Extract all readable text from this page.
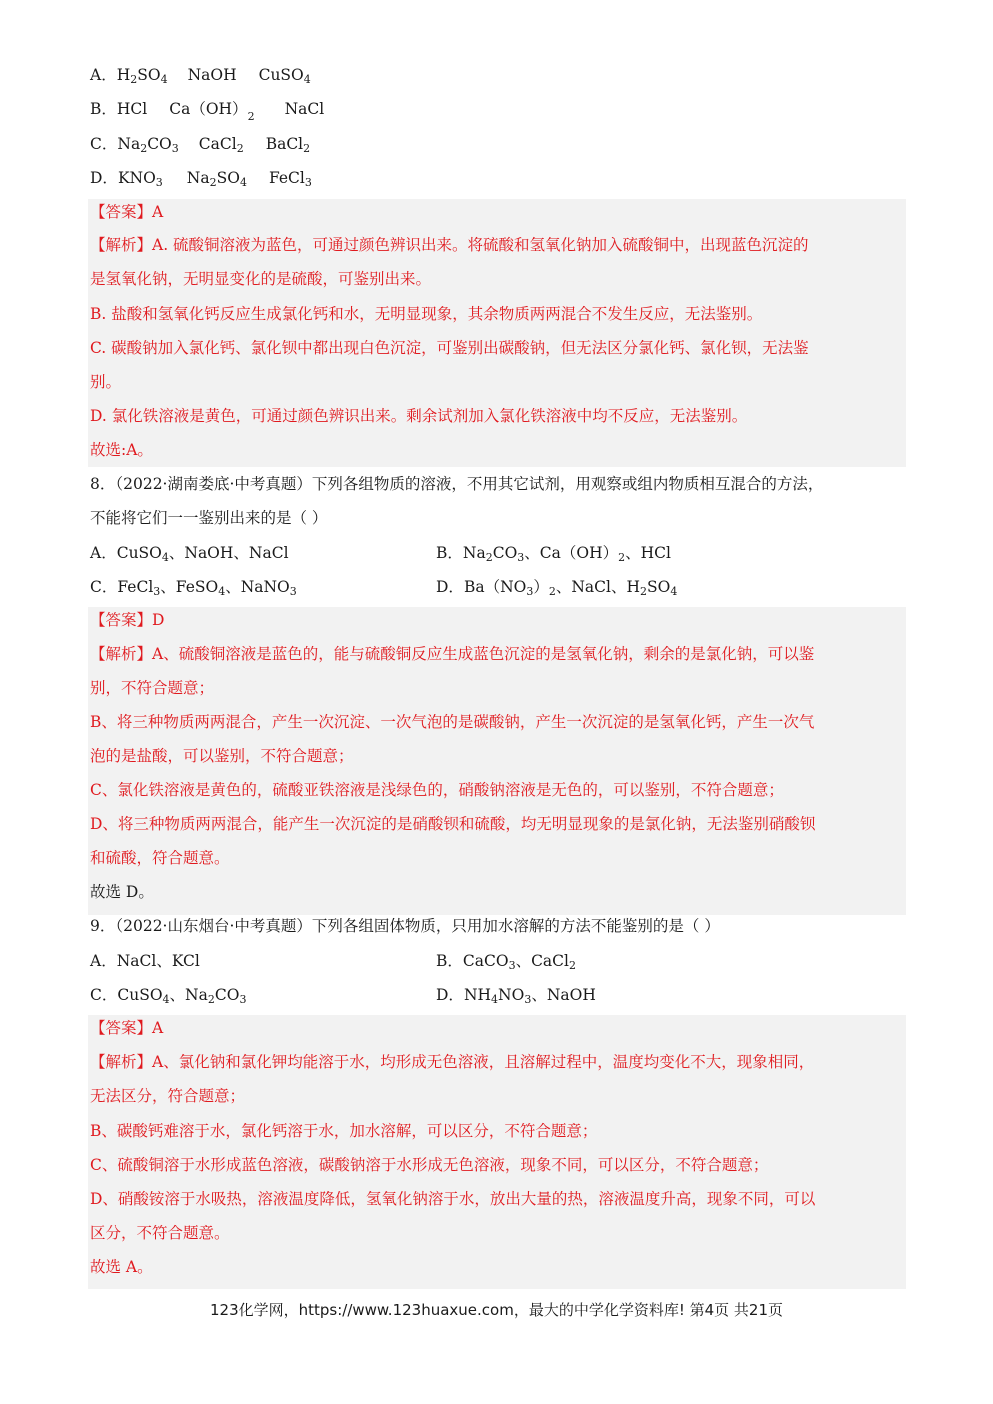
A．$H_2SO_4$ NaOH CuSO$_4$
B．HCl $Ca(OH)_2$ NaCl
C．$Na_2CO_3$ CaCl$_2$ BaCl$_2$
D．$KNO_3$ $Na_2SO_4$ FeCl$_3$
【答案】A
【解析】A. 硫酸铜溶液为蓝色，可通过颜色辨识出来。将硫酸和氢氧化钠加入硫酸铜中，出现蓝色沉淀的
是氢氧化钠，无明显变化的是硫酸，可鉴别出来。
B. 盐酸和氢氧化钙反应生成氯化钙和水，无明显现象，其余物质两两混合不发生反应，无法鉴别。
C. 碳酸钠加入氯化钙、氯化钡中都出现白色沉淀，可鉴别出碳酸钠，但无法区分氯化钙、氯化钡，无法鉴
别。
D. 氯化铁溶液是黄色，可通过颜色辨识出来。剩余试剂加入氯化铁溶液中均不反应，无法鉴别。
故选:A。
8．（2022·湖南娄底·中考真题）下列各组物质的溶液，不用其它试剂，用观察或组内物质相互混合的方法，
不能将它们一一鉴别出来的是（ ）
A．CuSO$_4$、NaOH、NaCl	B．$Na_2CO_3$、$Ca(OH)_2$、HCl
C．FeCl$_3$、FeSO$_4$、NaNO$_3$	D．$Ba(NO_3)_2$、NaCl、$H_2SO_4$
【答案】D
【解析】A、硫酸铜溶液是蓝色的，能与硫酸铜反应生成蓝色沉淀的是氢氧化钠，剩余的是氯化钠，可以鉴
别，不符合题意；
B、将三种物质两两混合，产生一次沉淀、一次气泡的是碳酸钠，产生一次沉淀的是氢氧化钙，产生一次气
泡的是盐酸，可以鉴别，不符合题意；
C、氯化铁溶液是黄色的，硫酸亚铁溶液是浅绿色的，硝酸钠溶液是无色的，可以鉴别，不符合题意；
D、将三种物质两两混合，能产生一次沉淀的是硝酸钡和硫酸，均无明显现象的是氯化钠，无法鉴别硝酸钡
和硫酸，符合题意。
故选 D。
9．（2022·山东烟台·中考真题）下列各组固体物质，只用加水溶解的方法不能鉴别的是（ ）
A．NaCl、KCl	B．CaCO$_3$、CaCl$_2$
C．CuSO$_4$、$Na_2CO_3$	D．$NH_4NO_3$、NaOH
【答案】A
【解析】A、氯化钠和氯化钾均能溶于水，均形成无色溶液，且溶解过程中，温度均变化不大，现象相同，
无法区分，符合题意；
B、碳酸钙难溶于水，氯化钙溶于水，加水溶解，可以区分，不符合题意；
C、硫酸铜溶于水形成蓝色溶液，碳酸钠溶于水形成无色溶液，现象不同，可以区分，不符合题意；
D、硝酸铵溶于水吸热，溶液温度降低，氢氧化钠溶于水，放出大量的热，溶液温度升高，现象不同，可以
区分，不符合题意。
故选 A。
123化学网，https://www.123huaxue.com，最大的中学化学资料库! 第4页 共21页
